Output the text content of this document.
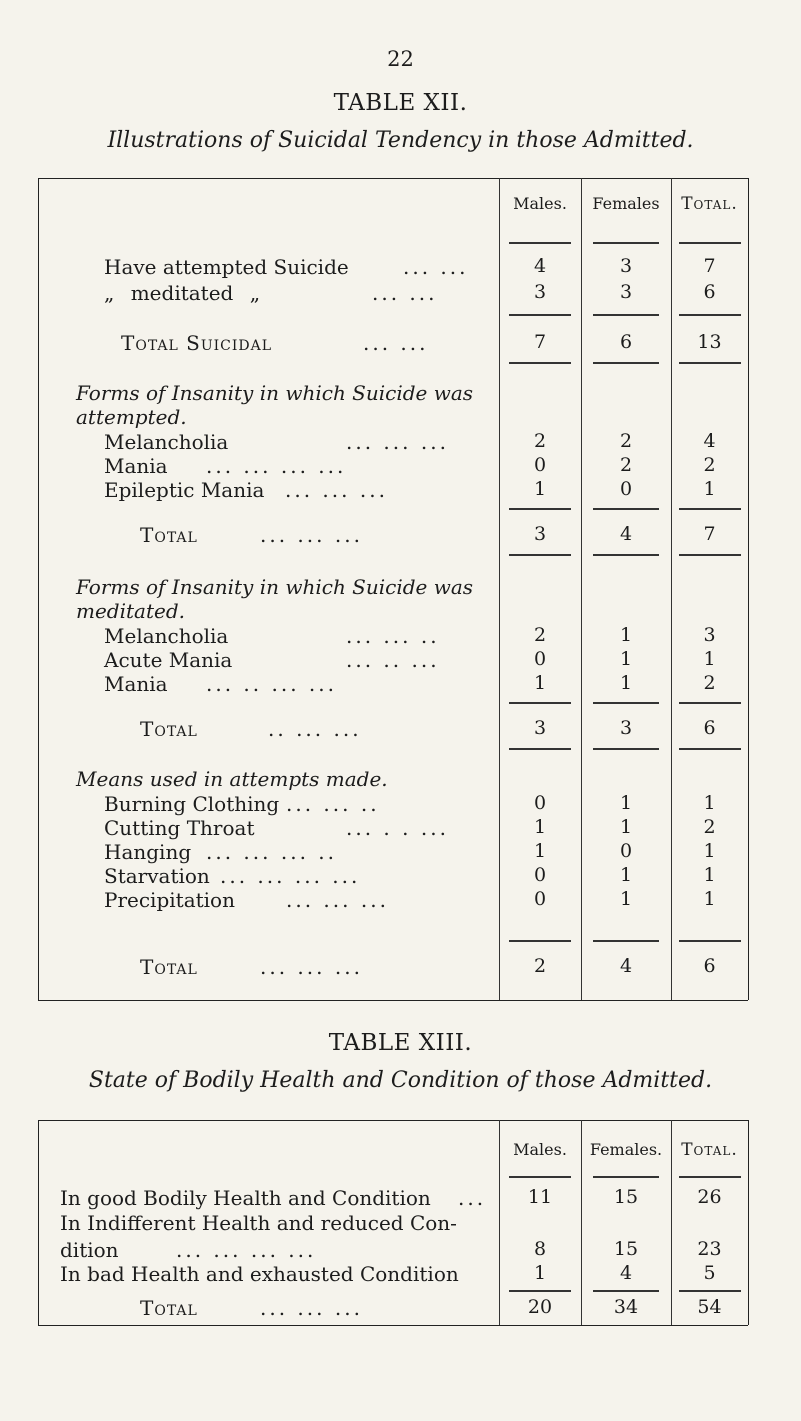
22
TABLE XII.
Illustrations of Suicidal Tendency in those Admitted.
Males.	Females	Total.
Have attempted Suicide	... ...	4	3	7
„ meditated „	... ...	3	3	6
Total Suicidal	... ...	7	6	13
Forms of Insanity in which Suicide was
attempted.
Melancholia	... ... ...	2	2	4
Mania ... ... ... ...	0	2	2
Epileptic Mania ... ... ...	1	0	1
Total	... ... ...	3	4	7
Forms of Insanity in which Suicide was
meditated.
Melancholia	... ... ..	2	1	3
Acute Mania	... .. ...	0	1	1
Mania ... .. ... ...	1	1	2
Total	.. ... ...	3	3	6
Means used in attempts made.
Burning Clothing ... ... ..	0	1	1
Cutting Throat	... . . ...	1	1	2
Hanging ... ... ... ..	1	0	1
Starvation ... ... ... ...	0	1	1
Precipitation	... ... ...	0	1	1
Total	... ... ...	2	4	6
TABLE XIII.
State of Bodily Health and Condition of those Admitted.
Males.	Females.	Total.
In good Bodily Health and Condition ...	11	15	26
In Indifferent Health and reduced Con-
dition	... ... ... ...	8	15	23
In bad Health and exhausted Condition	1	4	5
Total	... ... ...	20	34	54
